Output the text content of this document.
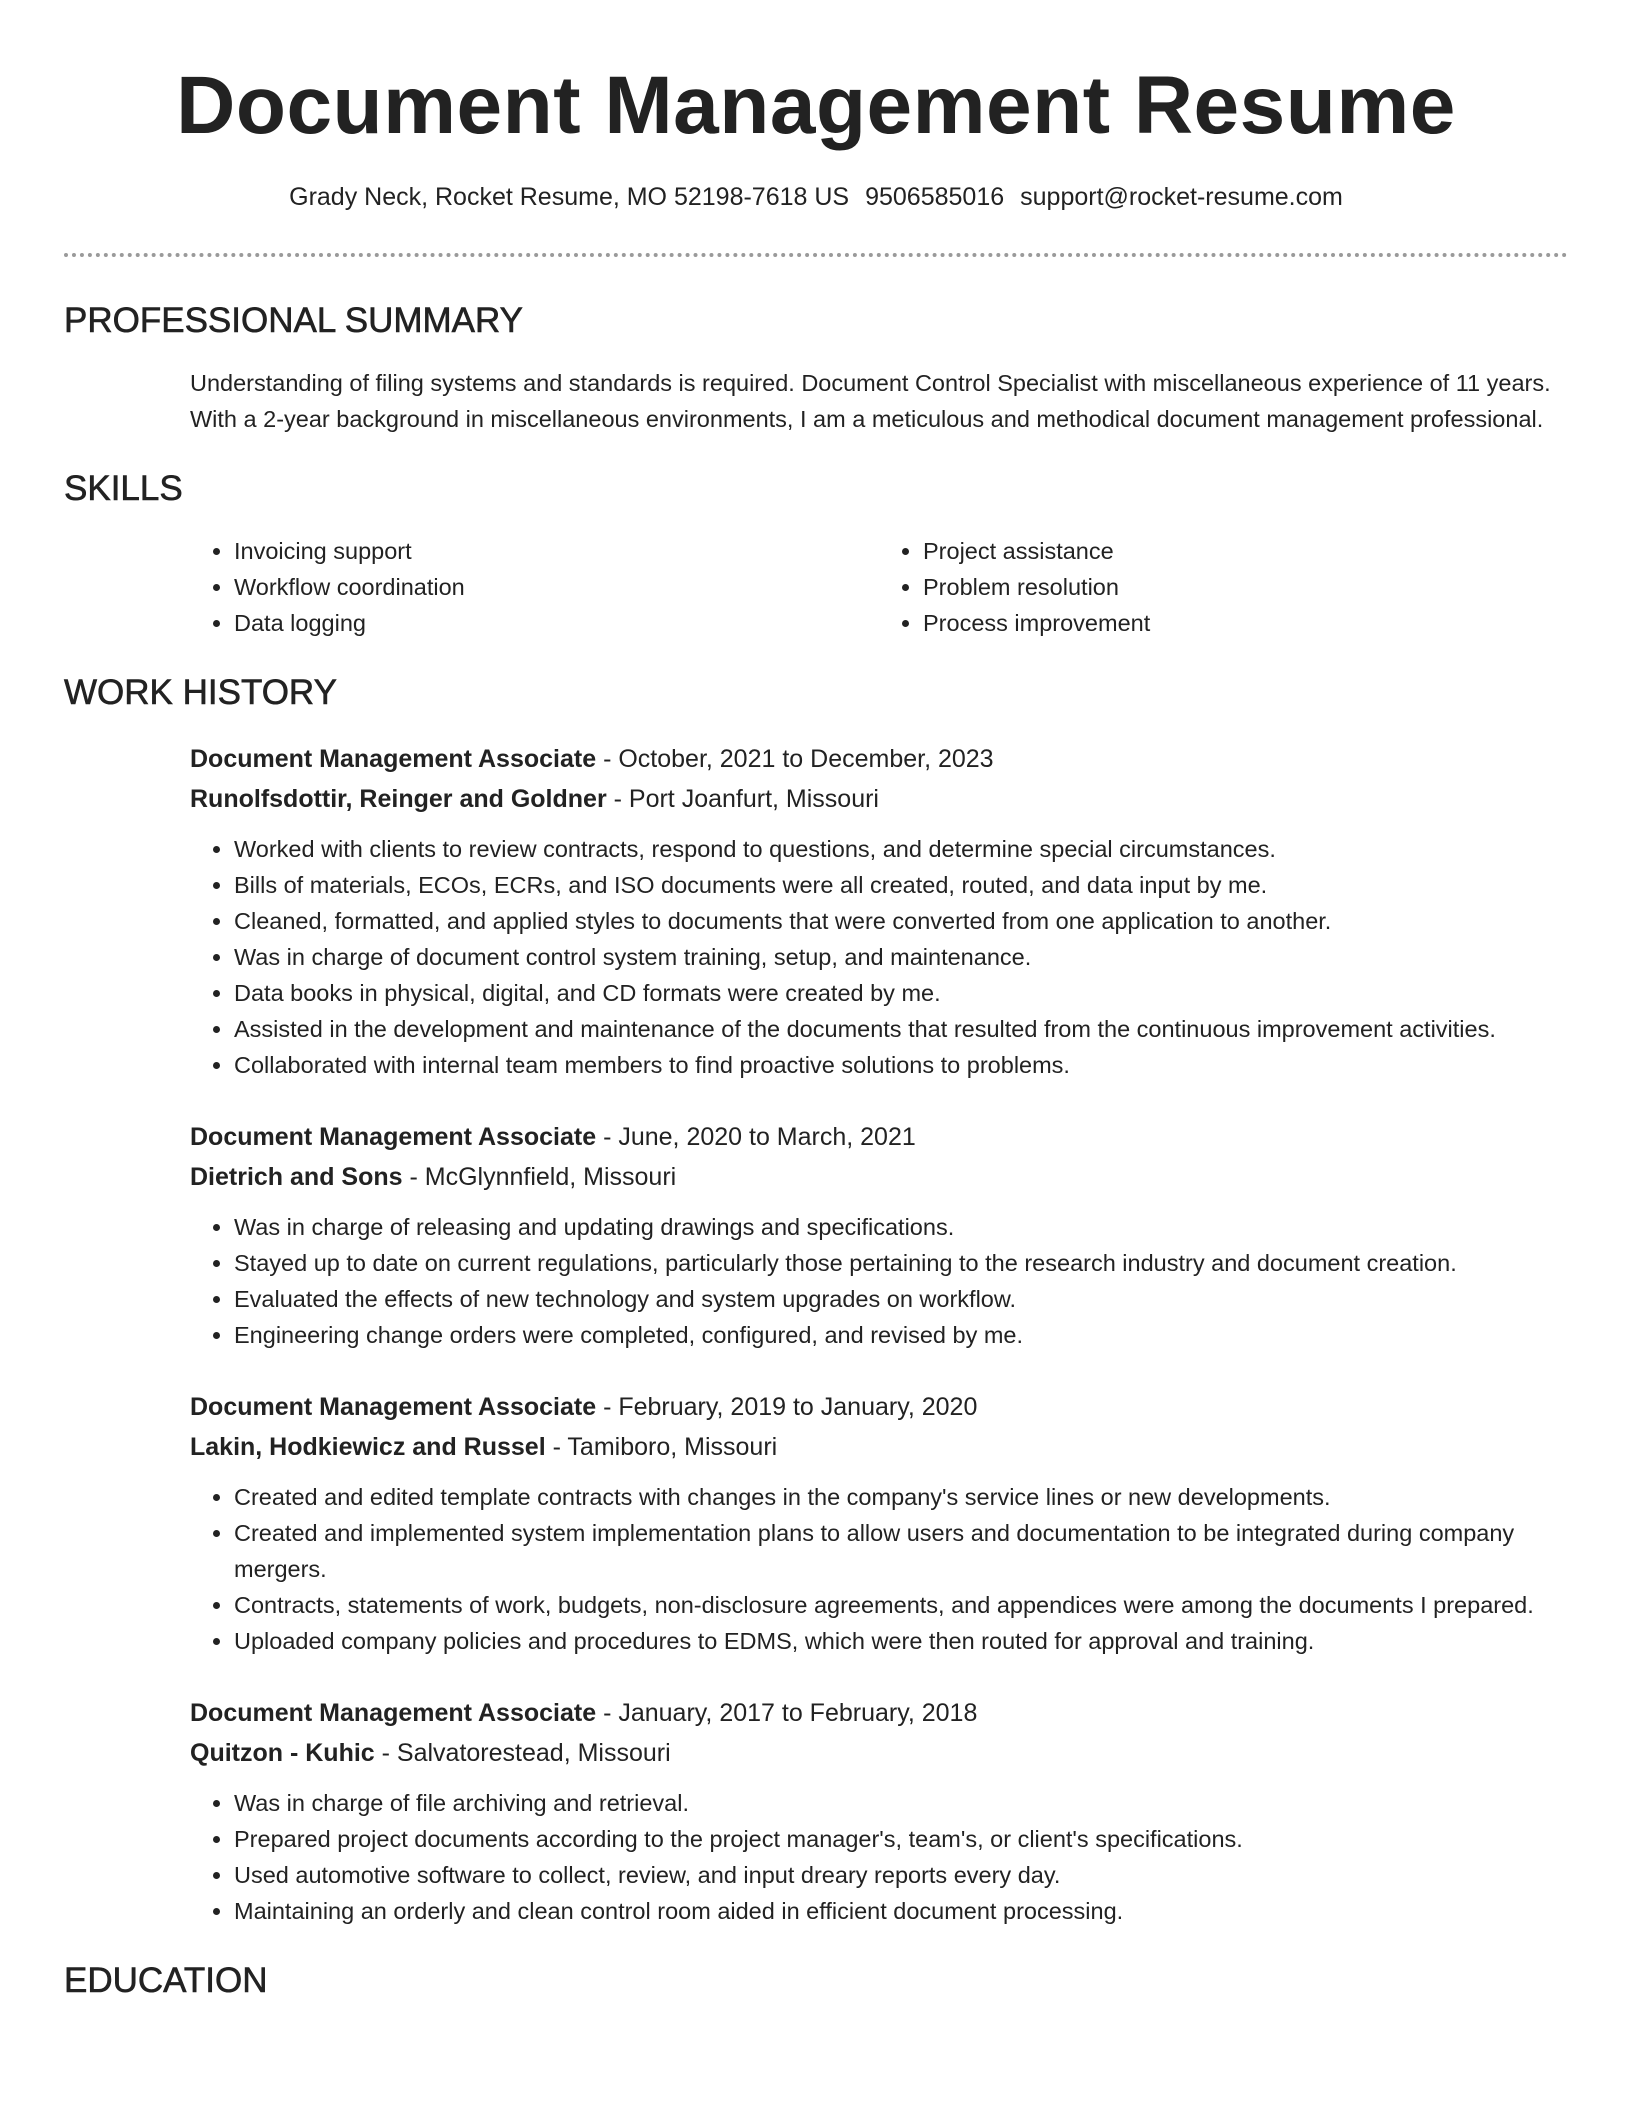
Document Management Resume
Grady Neck, Rocket Resume, MO 52198-7618 US 9506585016 support@rocket-resume.com
PROFESSIONAL SUMMARY
Understanding of filing systems and standards is required. Document Control Specialist with miscellaneous experience of 11 years. With a 2-year background in miscellaneous environments, I am a meticulous and methodical document management professional.
SKILLS
• Invoicing support
• Workflow coordination
• Data logging
• Project assistance
• Problem resolution
• Process improvement
WORK HISTORY
Document Management Associate - October, 2021 to December, 2023
Runolfsdottir, Reinger and Goldner - Port Joanfurt, Missouri
• Worked with clients to review contracts, respond to questions, and determine special circumstances.
• Bills of materials, ECOs, ECRs, and ISO documents were all created, routed, and data input by me.
• Cleaned, formatted, and applied styles to documents that were converted from one application to another.
• Was in charge of document control system training, setup, and maintenance.
• Data books in physical, digital, and CD formats were created by me.
• Assisted in the development and maintenance of the documents that resulted from the continuous improvement activities.
• Collaborated with internal team members to find proactive solutions to problems.
Document Management Associate - June, 2020 to March, 2021
Dietrich and Sons - McGlynnfield, Missouri
• Was in charge of releasing and updating drawings and specifications.
• Stayed up to date on current regulations, particularly those pertaining to the research industry and document creation.
• Evaluated the effects of new technology and system upgrades on workflow.
• Engineering change orders were completed, configured, and revised by me.
Document Management Associate - February, 2019 to January, 2020
Lakin, Hodkiewicz and Russel - Tamiboro, Missouri
• Created and edited template contracts with changes in the company's service lines or new developments.
• Created and implemented system implementation plans to allow users and documentation to be integrated during company mergers.
• Contracts, statements of work, budgets, non-disclosure agreements, and appendices were among the documents I prepared.
• Uploaded company policies and procedures to EDMS, which were then routed for approval and training.
Document Management Associate - January, 2017 to February, 2018
Quitzon - Kuhic - Salvatorestead, Missouri
• Was in charge of file archiving and retrieval.
• Prepared project documents according to the project manager's, team's, or client's specifications.
• Used automotive software to collect, review, and input dreary reports every day.
• Maintaining an orderly and clean control room aided in efficient document processing.
EDUCATION
